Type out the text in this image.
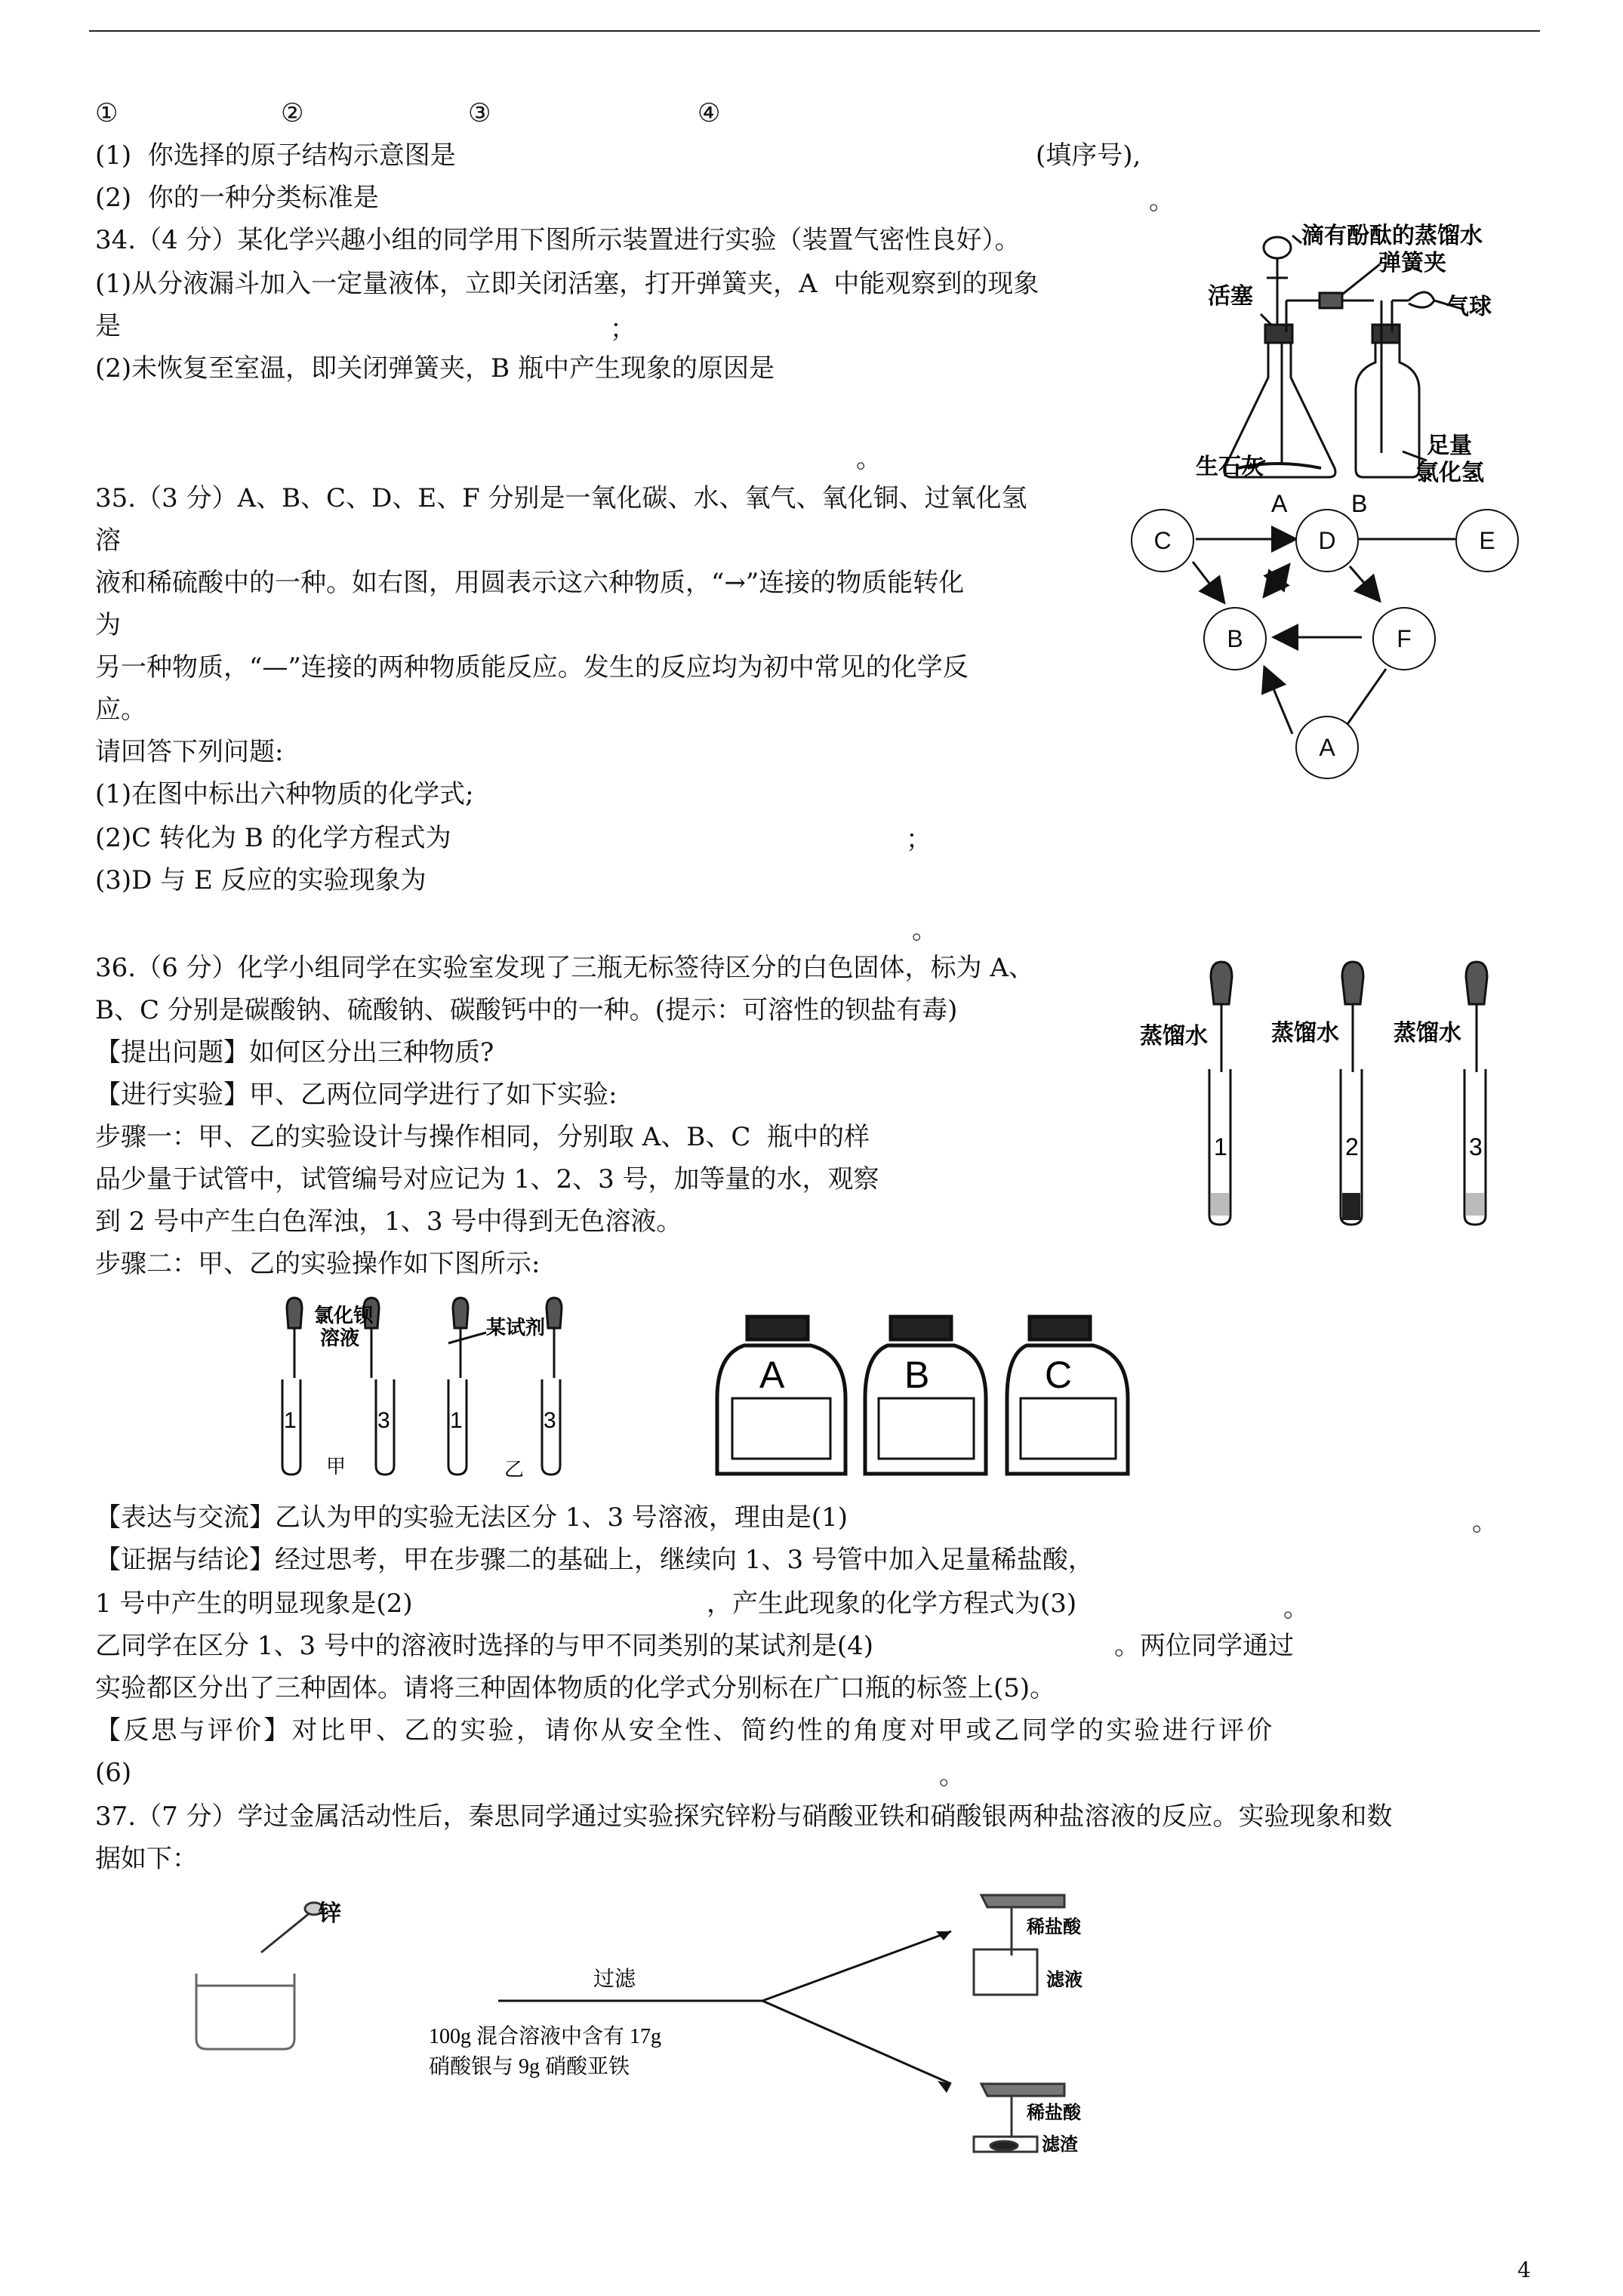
①	②	③	④
(1)  你选择的原子结构示意图是	(填序号),
(2)  你的一种分类标准是	。
34.（4 分）某化学兴趣小组的同学用下图所示装置进行实验（装置气密性良好）。
(1)从分液漏斗加入一定量液体，立即关闭活塞，打开弹簧夹，A  中能观察到的现象
是	；
(2)未恢复至室温，即关闭弹簧夹，B 瓶中产生现象的原因是
。
滴有酚酞的蒸馏水
弹簧夹
活塞	气球
生石灰
足量
氯化氢
A	B
35.（3 分）A、B、C、D、E、F 分别是一氧化碳、水、氧气、氧化铜、过氧化氢
溶
液和稀硫酸中的一种。如右图，用圆表示这六种物质，“→”连接的物质能转化
为
另一种物质，“—”连接的两种物质能反应。发生的反应均为初中常见的化学反
应。
请回答下列问题:
(1)在图中标出六种物质的化学式;
(2)C 转化为 B 的化学方程式为	；
(3)D 与 E 反应的实验现象为
。
C	D	E
B	F
A
36.（6 分）化学小组同学在实验室发现了三瓶无标签待区分的白色固体，标为 A、
B、C 分别是碳酸钠、硫酸钠、碳酸钙中的一种。(提示：可溶性的钡盐有毒)
【提出问题】如何区分出三种物质?
【进行实验】甲、乙两位同学进行了如下实验:
步骤一：甲、乙的实验设计与操作相同，分别取 A、B、C  瓶中的样
品少量于试管中，试管编号对应记为 1、2、3 号，加等量的水，观察
到 2 号中产生白色浑浊，1、3 号中得到无色溶液。
步骤二：甲、乙的实验操作如下图所示:
蒸馏水	蒸馏水 蒸馏水
1	2	3
氯化钡
溶液	某试剂
1	3	1	3
甲	乙
A	B	C
【表达与交流】乙认为甲的实验无法区分 1、3 号溶液，理由是(1)	。
【证据与结论】经过思考，甲在步骤二的基础上，继续向 1、3 号管中加入足量稀盐酸，
1 号中产生的明显现象是(2)	，产生此现象的化学方程式为(3)	。
乙同学在区分 1、3 号中的溶液时选择的与甲不同类别的某试剂是(4)	。两位同学通过
实验都区分出了三种固体。请将三种固体物质的化学式分别标在广口瓶的标签上(5)。
【反思与评价】对比甲、乙的实验，请你从安全性、简约性的角度对甲或乙同学的实验进行评价
(6)	。
37.（7 分）学过金属活动性后，秦思同学通过实验探究锌粉与硝酸亚铁和硝酸银两种盐溶液的反应。实验现象和数
据如下：
锌
过滤
100g 混合溶液中含有 17g
硝酸银与 9g 硝酸亚铁
稀盐酸
滤液
稀盐酸
滤渣
4
